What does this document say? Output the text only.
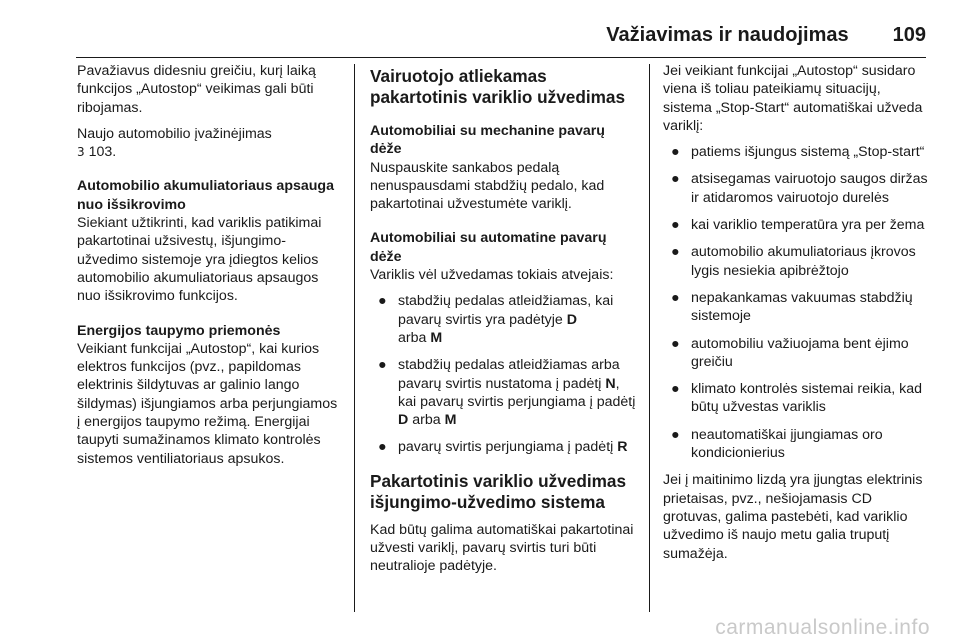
Važiavimas ir naudojimas 109

Pavažiavus didesniu greičiu, kurį laiką funkcijos „Autostop“ veikimas gali būti ribojamas.

Naujo automobilio įvažinėjimas
3 103.

Automobilio akumuliatoriaus apsauga nuo išsikrovimo

Siekiant užtikrinti, kad variklis patikimai pakartotinai užsivestų, išjungimo-užvedimo sistemoje yra įdiegtos kelios automobilio akumuliatoriaus apsaugos nuo išsikrovimo funkcijos.

Energijos taupymo priemonės

Veikiant funkcijai „Autostop“, kai kurios elektros funkcijos (pvz., papildomas elektrinis šildytuvas ar galinio lango šildymas) išjungiamos arba perjungiamos į energijos taupymo režimą. Energijai taupyti sumažinamos klimato kontrolės sistemos ventiliatoriaus apsukos.

Vairuotojo atliekamas pakartotinis variklio užvedimas
Automobiliai su mechanine pavarų dėže

Nuspauskite sankabos pedalą nenuspausdami stabdžių pedalo, kad pakartotinai užvestumėte variklį.

Automobiliai su automatine pavarų dėže

Variklis vėl užvedamas tokiais atvejais:

● stabdžių pedalas atleidžiamas, kai pavarų svirtis yra padėtyje D
arba M
● stabdžių pedalas atleidžiamas arba pavarų svirtis nustatoma į padėtį N, kai pavarų svirtis perjungiama į padėtį D arba M
● pavarų svirtis perjungiama į padėtį R
Pakartotinis variklio užvedimas išjungimo-užvedimo sistema

Kad būtų galima automatiškai pakartotinai užvesti variklį, pavarų svirtis turi būti neutralioje padėtyje.

Jei veikiant funkcijai „Autostop“ susidaro viena iš toliau pateikiamų situacijų, sistema „Stop-Start“ automatiškai užveda variklį:

● patiems išjungus sistemą „Stop-start“
● atsisegamas vairuotojo saugos diržas ir atidaromos vairuotojo durelės
● kai variklio temperatūra yra per žema
● automobilio akumuliatoriaus įkrovos lygis nesiekia apibrėžtojo
● nepakankamas vakuumas stabdžių sistemoje
● automobiliu važiuojama bent ėjimo greičiu
● klimato kontrolės sistemai reikia, kad būtų užvestas variklis
● neautomatiškai įjungiamas oro kondicionierius

Jei į maitinimo lizdą yra įjungtas elektrinis prietaisas, pvz., nešiojamasis CD grotuvas, galima pastebėti, kad variklio užvedimo iš naujo metu galia truputį sumažėja.

carmanualsonline.info
